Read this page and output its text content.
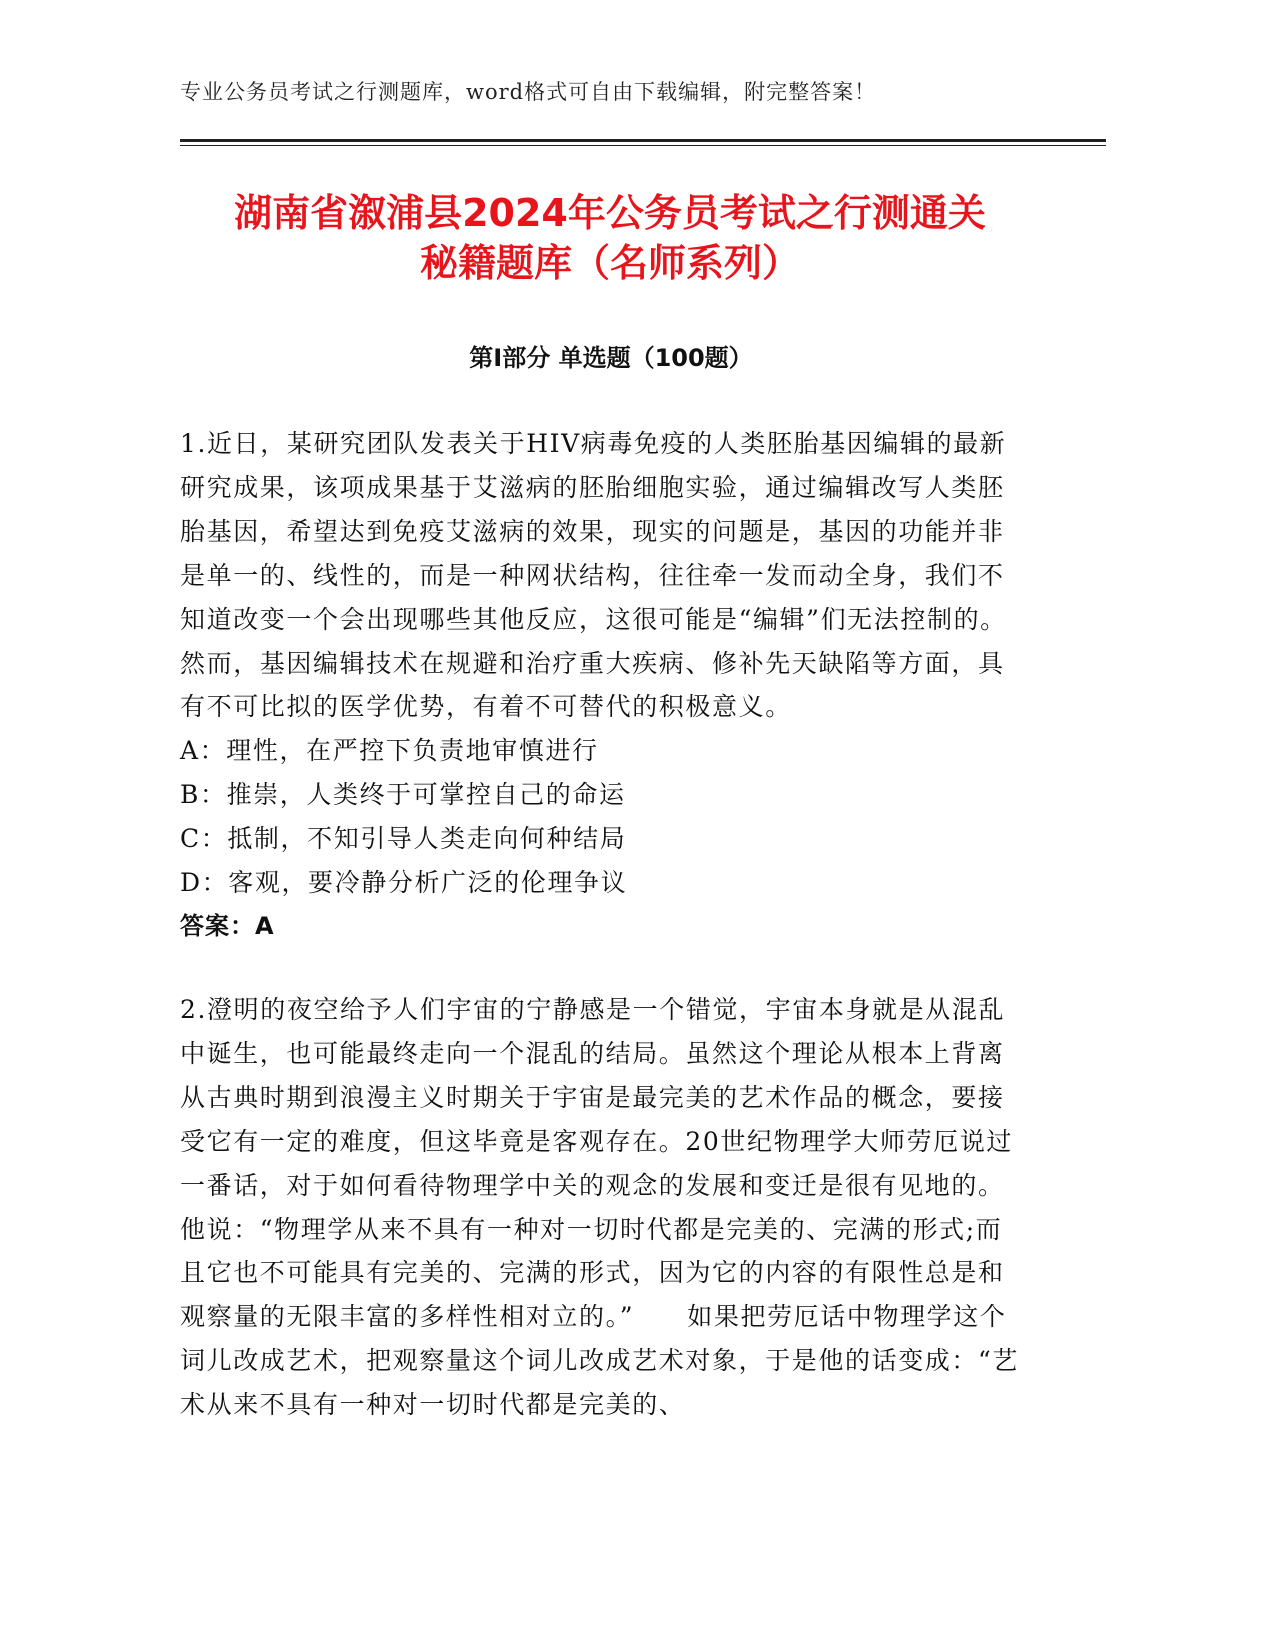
专业公务员考试之行测题库，word格式可自由下载编辑，附完整答案！
湖南省溆浦县2024年公务员考试之行测通关
秘籍题库（名师系列）
第Ⅰ部分 单选题（100题）

1.近日，某研究团队发表关于HIV病毒免疫的人类胚胎基因编辑的最新研究成果，该项成果基于艾滋病的胚胎细胞实验，通过编辑改写人类胚胎基因，希望达到免疫艾滋病的效果，现实的问题是，基因的功能并非是单一的、线性的，而是一种网状结构，往往牵一发而动全身，我们不知道改变一个会出现哪些其他反应，这很可能是“编辑”们无法控制的。然而，基因编辑技术在规避和治疗重大疾病、修补先天缺陷等方面，具有不可比拟的医学优势，有着不可替代的积极意义。

A：理性，在严控下负责地审慎进行

B：推崇，人类终于可掌控自己的命运

C：抵制，不知引导人类走向何种结局

D：客观，要冷静分析广泛的伦理争议

答案：A

2.澄明的夜空给予人们宇宙的宁静感是一个错觉，宇宙本身就是从混乱中诞生，也可能最终走向一个混乱的结局。虽然这个理论从根本上背离从古典时期到浪漫主义时期关于宇宙是最完美的艺术作品的概念，要接受它有一定的难度，但这毕竟是客观存在。20世纪物理学大师劳厄说过一番话，对于如何看待物理学中关的观念的发展和变迁是很有见地的。他说：“物理学从来不具有一种对一切时代都是完美的、完满的形式;而且它也不可能具有完美的、完满的形式，因为它的内容的有限性总是和观察量的无限丰富的多样性相对立的。”　　如果把劳厄话中物理学这个词儿改成艺术，把观察量这个词儿改成艺术对象，于是他的话变成：“艺术从来不具有一种对一切时代都是完美的、
